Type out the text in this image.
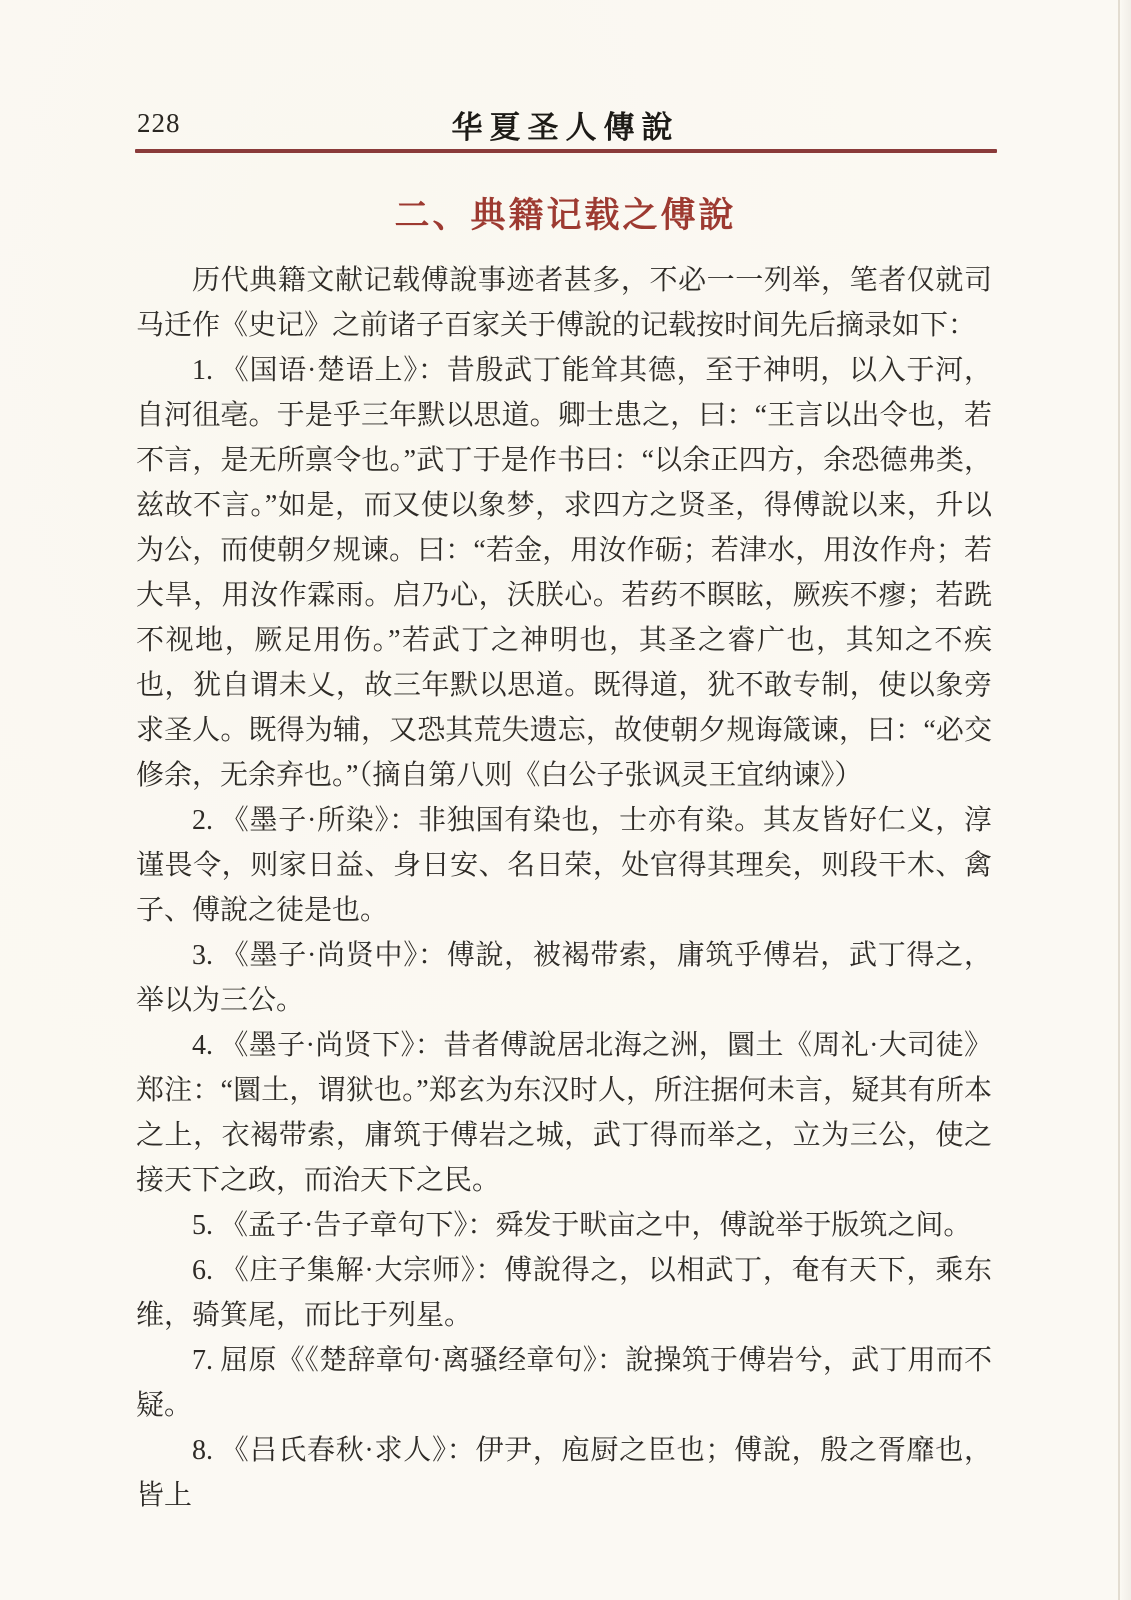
228	华夏圣人傳說
二、典籍记载之傅說

历代典籍文献记载傅說事迹者甚多，不必一一列举，笔者仅就司马迁作《史记》之前诸子百家关于傅說的记载按时间先后摘录如下：

1. 《国语·楚语上》：昔殷武丁能耸其德，至于神明，以入于河，自河徂亳。于是乎三年默以思道。卿士患之，曰：“王言以出令也，若不言，是无所禀令也。”武丁于是作书曰：“以余正四方，余恐德弗类，兹故不言。”如是，而又使以象梦，求四方之贤圣，得傅說以来，升以为公，而使朝夕规谏。曰：“若金，用汝作砺；若津水，用汝作舟；若大旱，用汝作霖雨。启乃心，沃朕心。若药不瞑眩，厥疾不瘳；若跣不视地，厥足用伤。”若武丁之神明也，其圣之睿广也，其知之不疾也，犹自谓未乂，故三年默以思道。既得道，犹不敢专制，使以象旁求圣人。既得为辅，又恐其荒失遗忘，故使朝夕规诲箴谏，曰：“必交修余，无余弃也。”（摘自第八则《白公子张讽灵王宜纳谏》）

2. 《墨子·所染》：非独国有染也，士亦有染。其友皆好仁义，淳谨畏令，则家日益、身日安、名日荣，处官得其理矣，则段干木、禽子、傅說之徒是也。

3. 《墨子·尚贤中》：傅說，被褐带索，庸筑乎傅岩，武丁得之，举以为三公。

4. 《墨子·尚贤下》：昔者傅說居北海之洲，圜土《周礼·大司徒》郑注：“圜土，谓狱也。”郑玄为东汉时人，所注据何未言，疑其有所本之上，衣褐带索，庸筑于傅岩之城，武丁得而举之，立为三公，使之接天下之政，而治天下之民。

5. 《孟子·告子章句下》：舜发于畎亩之中，傅說举于版筑之间。

6. 《庄子集解·大宗师》：傅說得之，以相武丁，奄有天下，乘东维，骑箕尾，而比于列星。

7. 屈原《《楚辞章句·离骚经章句》：說操筑于傅岩兮，武丁用而不疑。

8. 《吕氏春秋·求人》：伊尹，庖厨之臣也；傅說，殷之胥靡也，皆上
